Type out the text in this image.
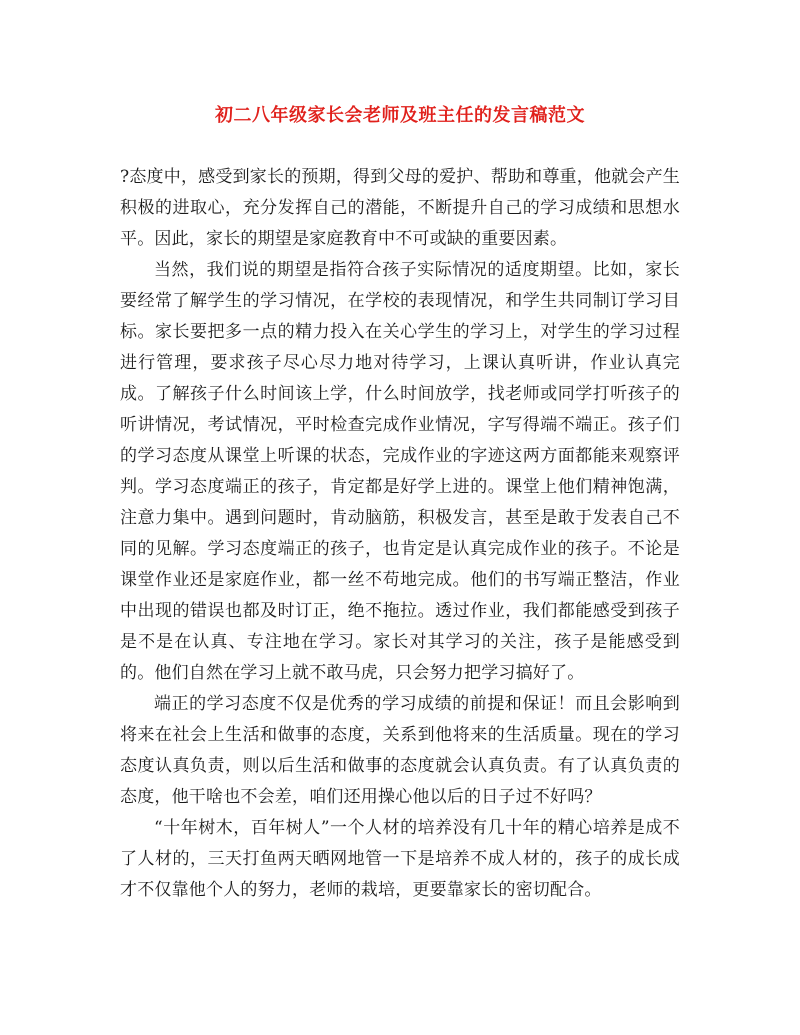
初二八年级家长会老师及班主任的发言稿范文

?态度中，感受到家长的预期，得到父母的爱护、帮助和尊重，他就会产生积极的进取心，充分发挥自己的潜能，不断提升自己的学习成绩和思想水平。因此，家长的期望是家庭教育中不可或缺的重要因素。

当然，我们说的期望是指符合孩子实际情况的适度期望。比如，家长要经常了解学生的学习情况，在学校的表现情况，和学生共同制订学习目标。家长要把多一点的精力投入在关心学生的学习上，对学生的学习过程进行管理，要求孩子尽心尽力地对待学习，上课认真听讲，作业认真完成。了解孩子什么时间该上学，什么时间放学，找老师或同学打听孩子的听讲情况，考试情况，平时检查完成作业情况，字写得端不端正。孩子们的学习态度从课堂上听课的状态，完成作业的字迹这两方面都能来观察评判。学习态度端正的孩子，肯定都是好学上进的。课堂上他们精神饱满，注意力集中。遇到问题时，肯动脑筋，积极发言，甚至是敢于发表自己不同的见解。学习态度端正的孩子，也肯定是认真完成作业的孩子。不论是课堂作业还是家庭作业，都一丝不苟地完成。他们的书写端正整洁，作业中出现的错误也都及时订正，绝不拖拉。透过作业，我们都能感受到孩子是不是在认真、专注地在学习。家长对其学习的关注，孩子是能感受到的。他们自然在学习上就不敢马虎，只会努力把学习搞好了。

端正的学习态度不仅是优秀的学习成绩的前提和保证！而且会影响到将来在社会上生活和做事的态度，关系到他将来的生活质量。现在的学习态度认真负责，则以后生活和做事的态度就会认真负责。有了认真负责的态度，他干啥也不会差，咱们还用操心他以后的日子过不好吗？

“十年树木，百年树人”一个人材的培养没有几十年的精心培养是成不了人材的，三天打鱼两天晒网地管一下是培养不成人材的，孩子的成长成才不仅靠他个人的努力，老师的栽培，更要靠家长的密切配合。
